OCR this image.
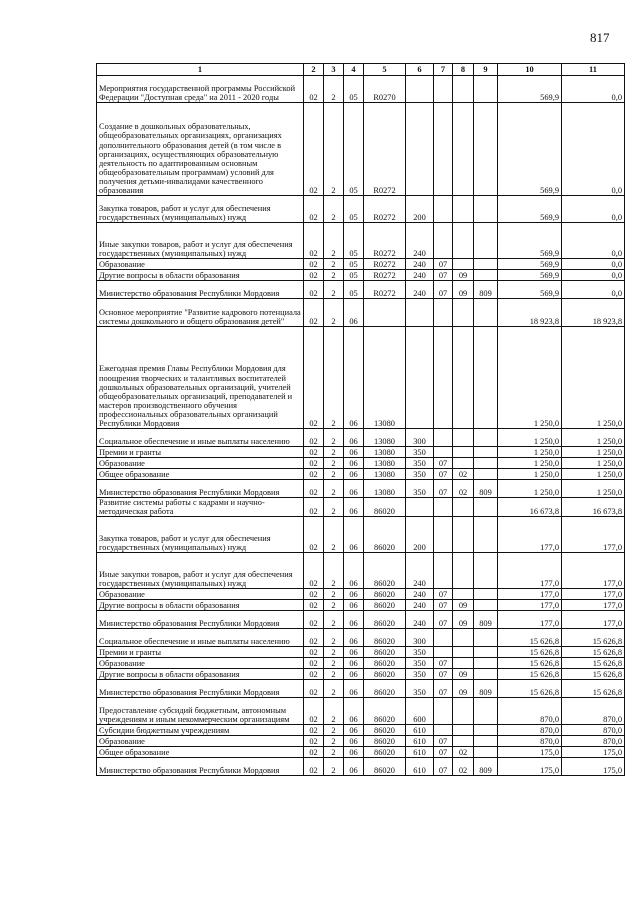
817
1	2	3	4	5	6	7	8	9	10	11
Мероприятия государственной программы Российской Федерации "Доступная среда" на 2011 - 2020 годы	02	2	05	R0270					569,9	0,0
Создание в дошкольных образовательных, общеобразовательных организациях, организациях дополнительного образования детей (в том числе в организациях, осуществляющих образовательную деятельность по адаптированным основным общеобразовательным программам) условий для получения детьми-инвалидами качественного образования	02	2	05	R0272					569,9	0,0
Закупка товаров, работ и услуг для обеспечения государственных (муниципальных) нужд	02	2	05	R0272	200				569,9	0,0
Иные закупки товаров, работ и услуг для обеспечения государственных (муниципальных) нужд	02	2	05	R0272	240				569,9	0,0
Образование	02	2	05	R0272	240	07			569,9	0,0
Другие вопросы в области образования	02	2	05	R0272	240	07	09		569,9	0,0
Министерство образования Республики Мордовия	02	2	05	R0272	240	07	09	809	569,9	0,0
Основное мероприятие "Развитие кадрового потенциала системы дошкольного и общего образования детей"	02	2	06						18 923,8	18 923,8
Ежегодная премия Главы Республики Мордовия для поощрения творческих и талантливых воспитателей дошкольных образовательных организаций, учителей общеобразовательных организаций, преподавателей и мастеров производственного обучения профессиональных образовательных организаций Республики Мордовия	02	2	06	13080					1 250,0	1 250,0
Социальное обеспечение и иные выплаты населению	02	2	06	13080	300				1 250,0	1 250,0
Премии и гранты	02	2	06	13080	350				1 250,0	1 250,0
Образование	02	2	06	13080	350	07			1 250,0	1 250,0
Общее образование	02	2	06	13080	350	07	02		1 250,0	1 250,0
Министерство образования Республики Мордовия	02	2	06	13080	350	07	02	809	1 250,0	1 250,0
Развитие системы работы с кадрами и научно-методическая работа	02	2	06	86020					16 673,8	16 673,8
Закупка товаров, работ и услуг для обеспечения государственных (муниципальных) нужд	02	2	06	86020	200				177,0	177,0
Иные закупки товаров, работ и услуг для обеспечения государственных (муниципальных) нужд	02	2	06	86020	240				177,0	177,0
Образование	02	2	06	86020	240	07			177,0	177,0
Другие вопросы в области образования	02	2	06	86020	240	07	09		177,0	177,0
Министерство образования Республики Мордовия	02	2	06	86020	240	07	09	809	177,0	177,0
Социальное обеспечение и иные выплаты населению	02	2	06	86020	300				15 626,8	15 626,8
Премии и гранты	02	2	06	86020	350				15 626,8	15 626,8
Образование	02	2	06	86020	350	07			15 626,8	15 626,8
Другие вопросы в области образования	02	2	06	86020	350	07	09		15 626,8	15 626,8
Министерство образования Республики Мордовия	02	2	06	86020	350	07	09	809	15 626,8	15 626,8
Предоставление субсидий бюджетным, автономным учреждениям и иным некоммерческим организациям	02	2	06	86020	600				870,0	870,0
Субсидии бюджетным учреждениям	02	2	06	86020	610				870,0	870,0
Образование	02	2	06	86020	610	07			870,0	870,0
Общее образование	02	2	06	86020	610	07	02		175,0	175,0
Министерство образования Республики Мордовия	02	2	06	86020	610	07	02	809	175,0	175,0
